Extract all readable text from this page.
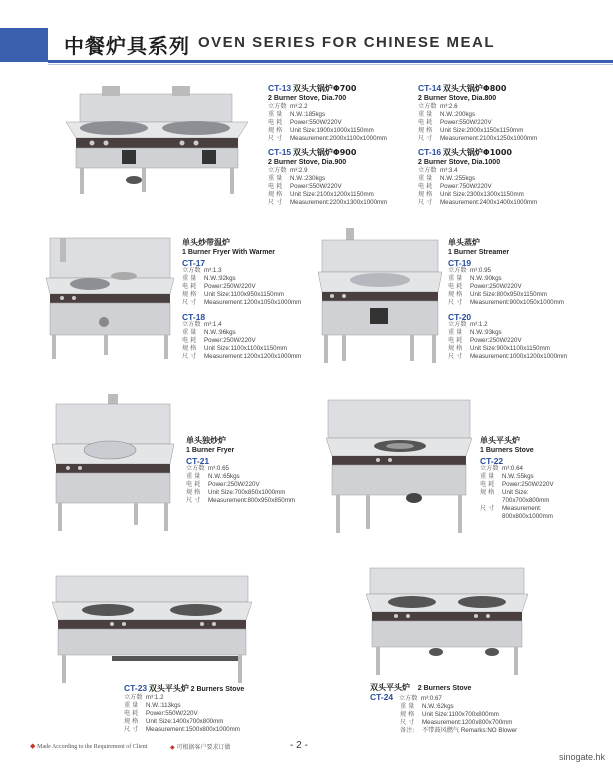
中餐炉具系列 OVEN SERIES FOR CHINESE MEAL
CT-13 双头大锅炉Φ700
2 Burner Stove, Dia.700
立方数 m³:2.2
重 量 N.W.:185kgs
电 耗 Power:550W/220V
规 格 Unit Size:1900x1000x1150mm
尺 寸 Measurement:2000x1100x1000mm
CT-14 双头大锅炉Φ800
2 Burner Stove, Dia.800
立方数 m³:2.6
重 量 N.W.:200kgs
电 耗 Power:550W/220V
规 格 Unit Size:2000x1150x1150mm
尺 寸 Measurement:2100x1250x1000mm
CT-15 双头大锅炉Φ900
2 Burner Stove, Dia.900
立方数 m³:2.9
重 量 N.W.:230kgs
电 耗 Power:550W/220V
规 格 Unit Size:2100x1200x1150mm
尺 寸 Measurement:2200x1300x1000mm
CT-16 双头大锅炉Φ1000
2 Burner Stove, Dia.1000
立方数 m³:3.4
重 量 N.W.:255kgs
电 耗 Power:750W/220V
规 格 Unit Size:2300x1300x1150mm
尺 寸 Measurement:2400x1400x1000mm
单头炒带温炉
1 Burner Fryer With Warmer
CT-17
立方数 m³:1.3
重 量 N.W.:92kgs
电 耗 Power:250W/220V
规 格 Unit Size:1100x950x1150mm
尺 寸 Measurement:1200x1050x1000mm
CT-18
立方数 m³:1.4
重 量 N.W.:96kgs
电 耗 Power:250W/220V
规 格 Unit Size:1100x1100x1150mm
尺 寸 Measurement:1200x1200x1000mm
单头蒸炉
1 Burner Streamer
CT-19
立方数 m³:0.95
重 量 N.W.:90kgs
电 耗 Power:250W/220V
规 格 Unit Size:800x950x1150mm
尺 寸 Measurement:900x1050x1000mm
CT-20
立方数 m³:1.2
重 量 N.W.:93kgs
电 耗 Power:250W/220V
规 格 Unit Size:900x1100x1150mm
尺 寸 Measurement:1000x1200x1000mm
单头独炒炉
1 Burner Fryer
CT-21
立方数 m³:0.65
重 量 N.W.:65kgs
电 耗 Power:250W/220V
规 格 Unit Size:700x850x1000mm
尺 寸 Measurement:800x950x850mm
单头平头炉
1 Burners Stove
CT-22
立方数 m³:0.64
重 量 N.W.:55kgs
电 耗 Power:250W/220V
规 格 Unit Size:
700x700x800mm
尺 寸 Measurement:
800x800x1000mm
CT-23 双头平头炉 2 Burners Stove
立方数 m³:1.2
重 量 N.W.:113kgs
电 耗 Power:550W/220V
规 格 Unit Size:1400x700x800mm
尺 寸 Measurement:1500x800x1000mm
双头平头炉 2 Burners Stove
CT-24 立方数 m³:0.67
重 量 N.W.:62kgs
规 格 Unit Size:1100x700x800mm
尺 寸 Measurement:1200x800x700mm
备注: 不带鼓风燃气 Remarks:NO Blower
◆ Made According to the Requirement of Client	◆ 可根据客户要求订做	- 2 -
sinogate.hk
